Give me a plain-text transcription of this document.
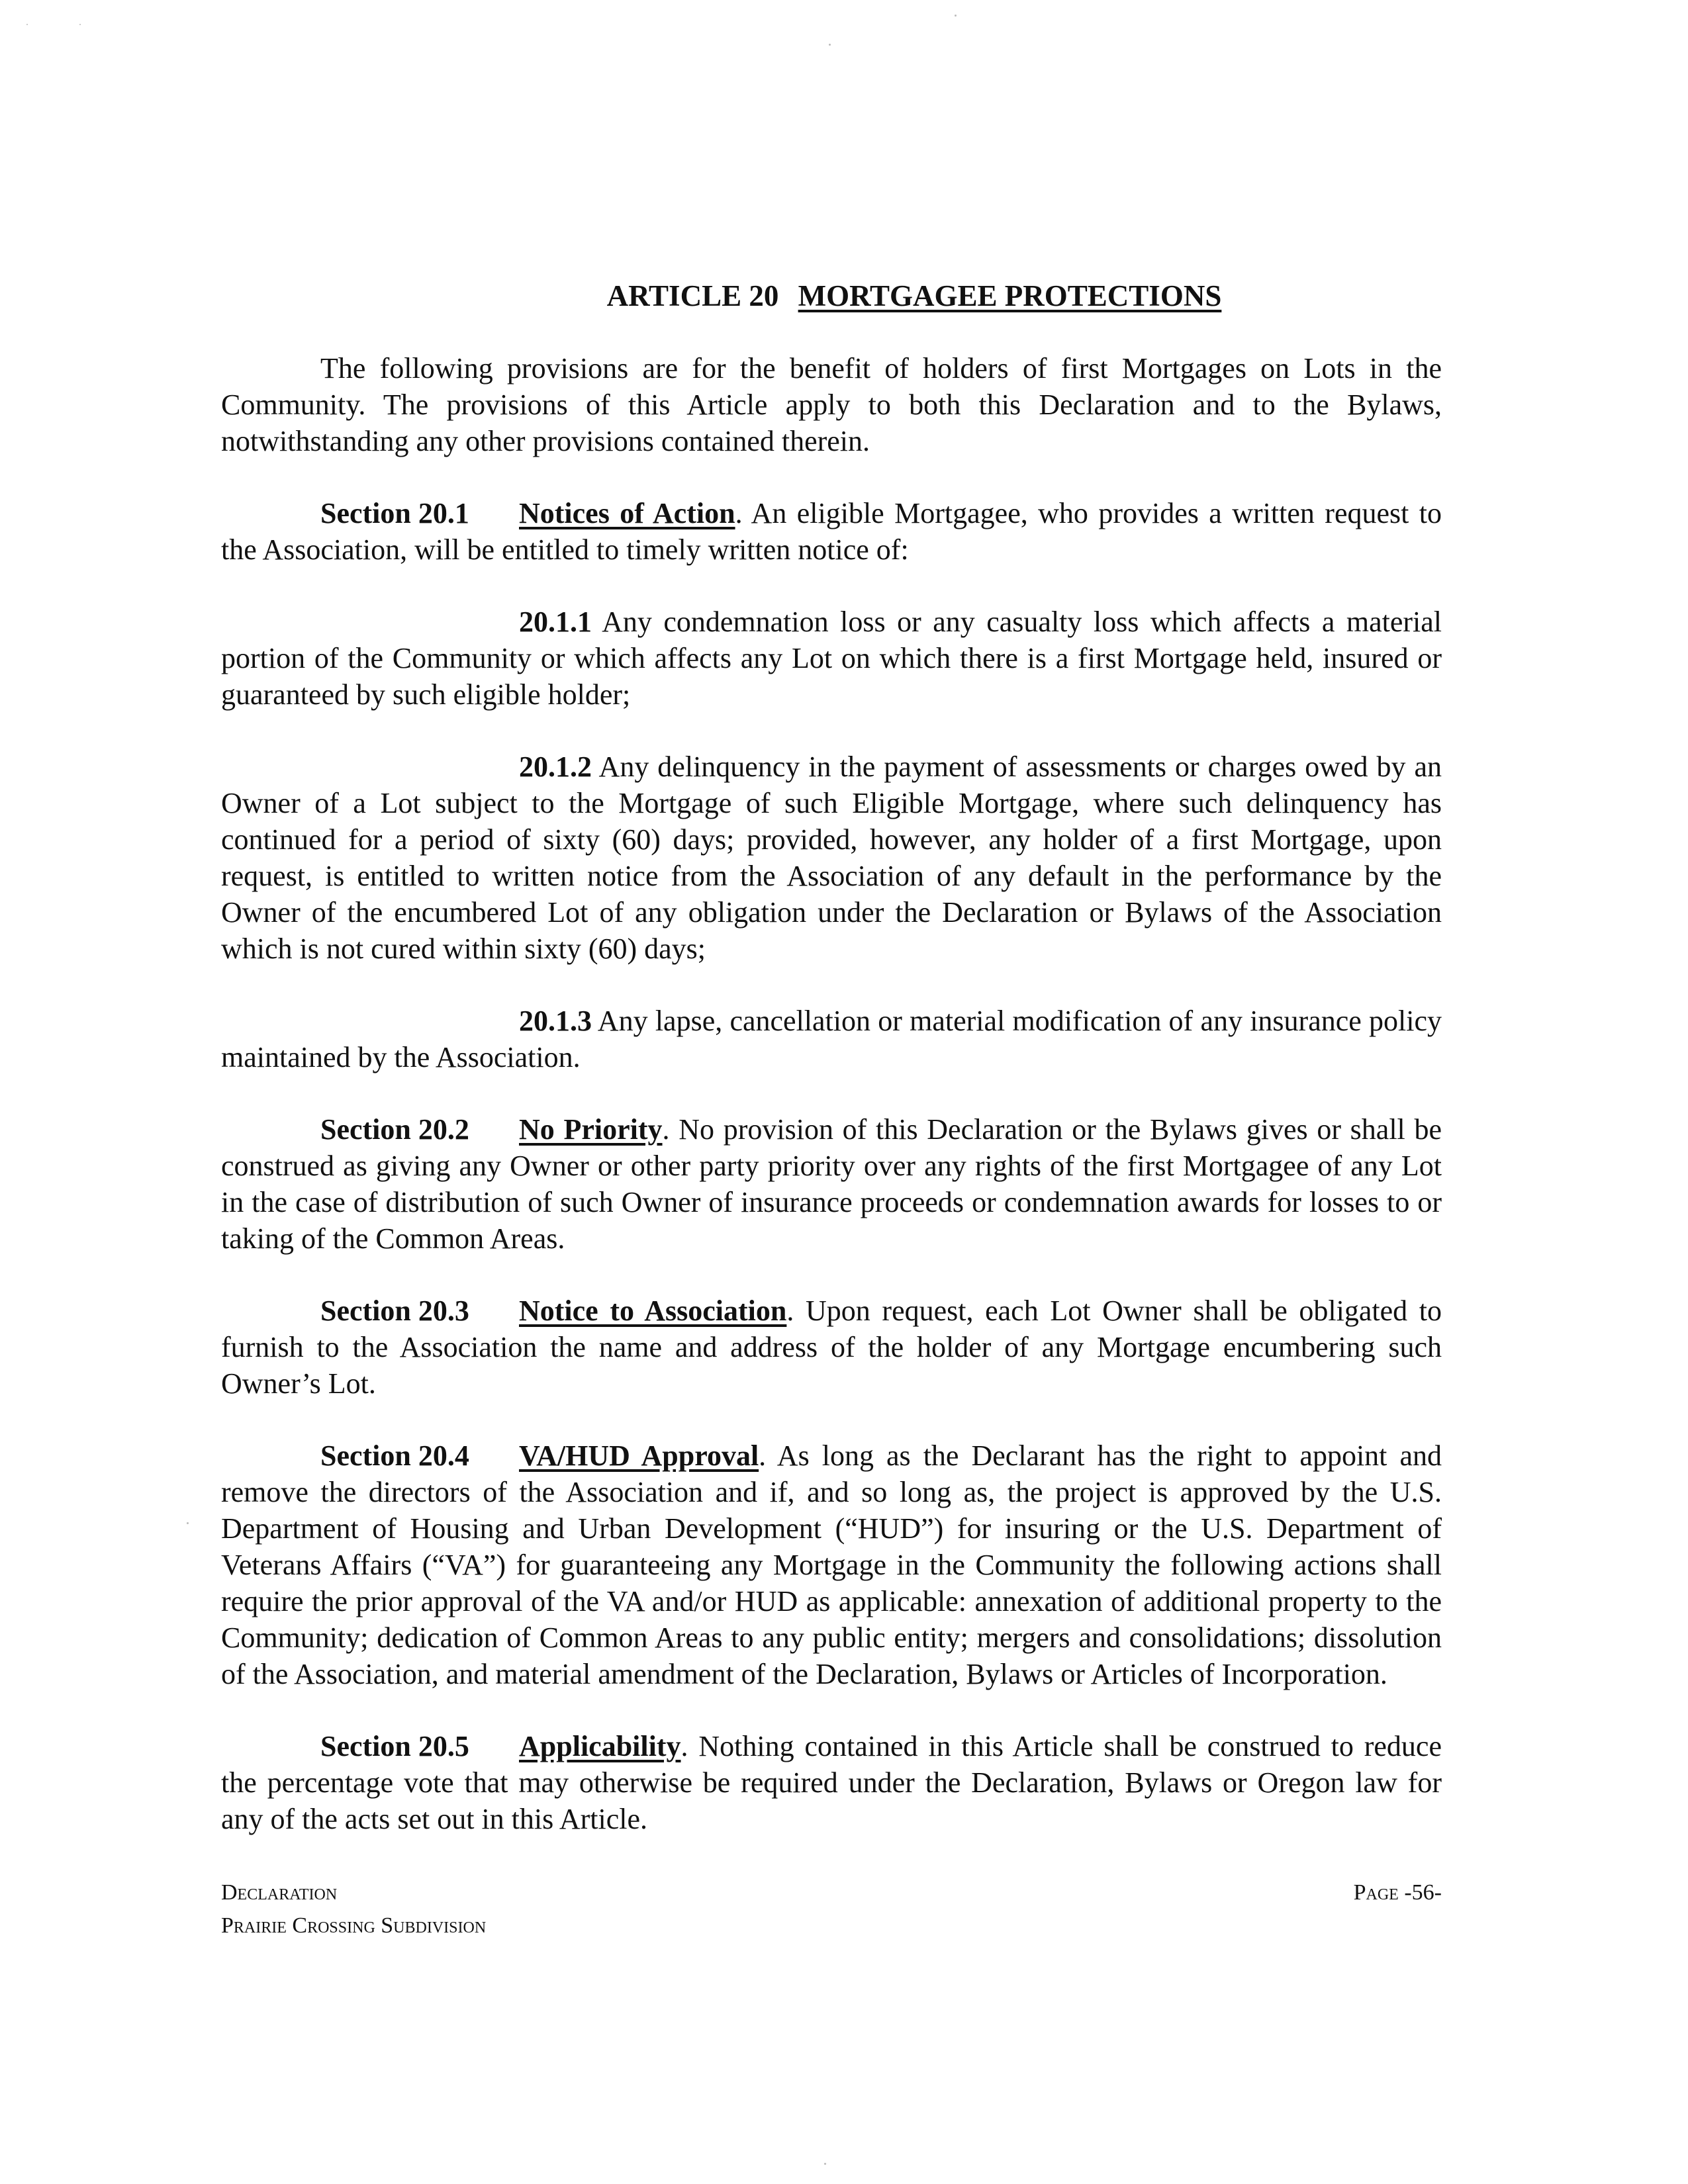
ARTICLE 20 MORTGAGEE PROTECTIONS

The following provisions are for the benefit of holders of first Mortgages on Lots in the Community. The provisions of this Article apply to both this Declaration and to the Bylaws, notwithstanding any other provisions contained therein.

Section 20.1 Notices of Action. An eligible Mortgagee, who provides a written request to the Association, will be entitled to timely written notice of:

20.1.1 Any condemnation loss or any casualty loss which affects a material portion of the Community or which affects any Lot on which there is a first Mortgage held, insured or guaranteed by such eligible holder;

20.1.2 Any delinquency in the payment of assessments or charges owed by an Owner of a Lot subject to the Mortgage of such Eligible Mortgage, where such delinquency has continued for a period of sixty (60) days; provided, however, any holder of a first Mortgage, upon request, is entitled to written notice from the Association of any default in the performance by the Owner of the encumbered Lot of any obligation under the Declaration or Bylaws of the Association which is not cured within sixty (60) days;

20.1.3 Any lapse, cancellation or material modification of any insurance policy maintained by the Association.

Section 20.2 No Priority. No provision of this Declaration or the Bylaws gives or shall be construed as giving any Owner or other party priority over any rights of the first Mortgagee of any Lot in the case of distribution of such Owner of insurance proceeds or condemnation awards for losses to or taking of the Common Areas.

Section 20.3 Notice to Association. Upon request, each Lot Owner shall be obligated to furnish to the Association the name and address of the holder of any Mortgage encumbering such Owner’s Lot.

Section 20.4 VA/HUD Approval. As long as the Declarant has the right to appoint and remove the directors of the Association and if, and so long as, the project is approved by the U.S. Department of Housing and Urban Development (“HUD”) for insuring or the U.S. Department of Veterans Affairs (“VA”) for guaranteeing any Mortgage in the Community the following actions shall require the prior approval of the VA and/or HUD as applicable: annexation of additional property to the Community; dedication of Common Areas to any public entity; mergers and consolidations; dissolution of the Association, and material amendment of the Declaration, Bylaws or Articles of Incorporation.

Section 20.5 Applicability. Nothing contained in this Article shall be construed to reduce the percentage vote that may otherwise be required under the Declaration, Bylaws or Oregon law for any of the acts set out in this Article.

Declaration
Prairie Crossing Subdivision
Page -56-
